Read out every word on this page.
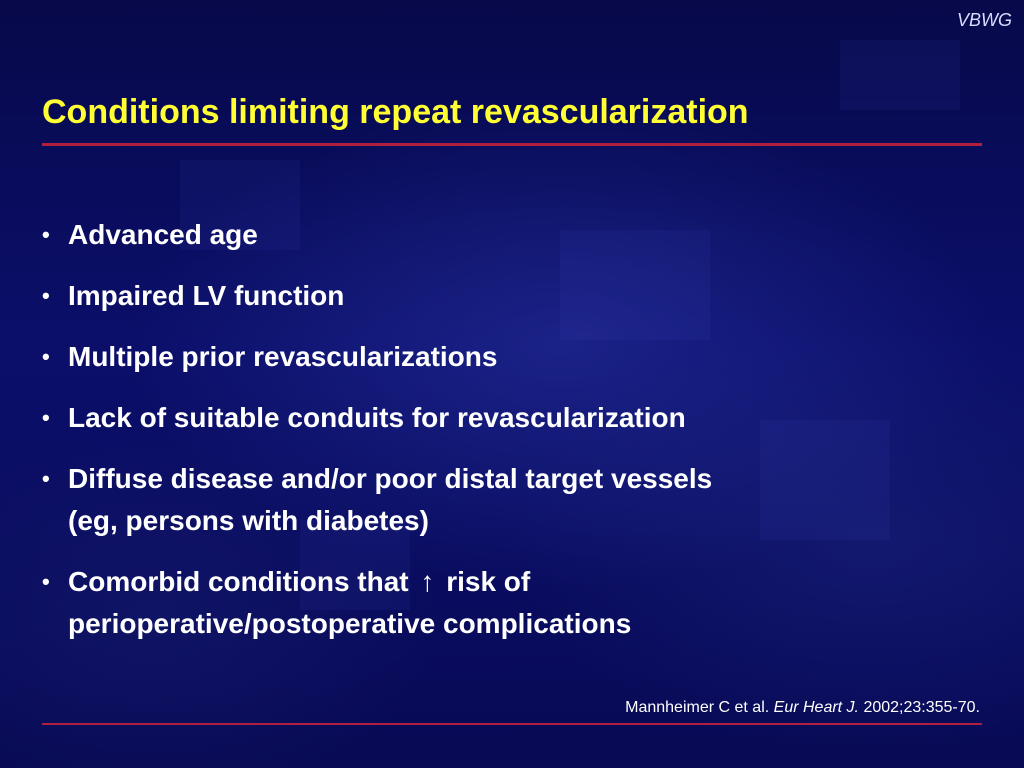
VBWG
Conditions limiting repeat revascularization
• Advanced age
• Impaired LV function
• Multiple prior revascularizations
• Lack of suitable conduits for revascularization
• Diffuse disease and/or poor distal target vessels
(eg, persons with diabetes)
• Comorbid conditions that ↑ risk of
perioperative/postoperative complications
Mannheimer C et al. Eur Heart J. 2002;23:355-70.
